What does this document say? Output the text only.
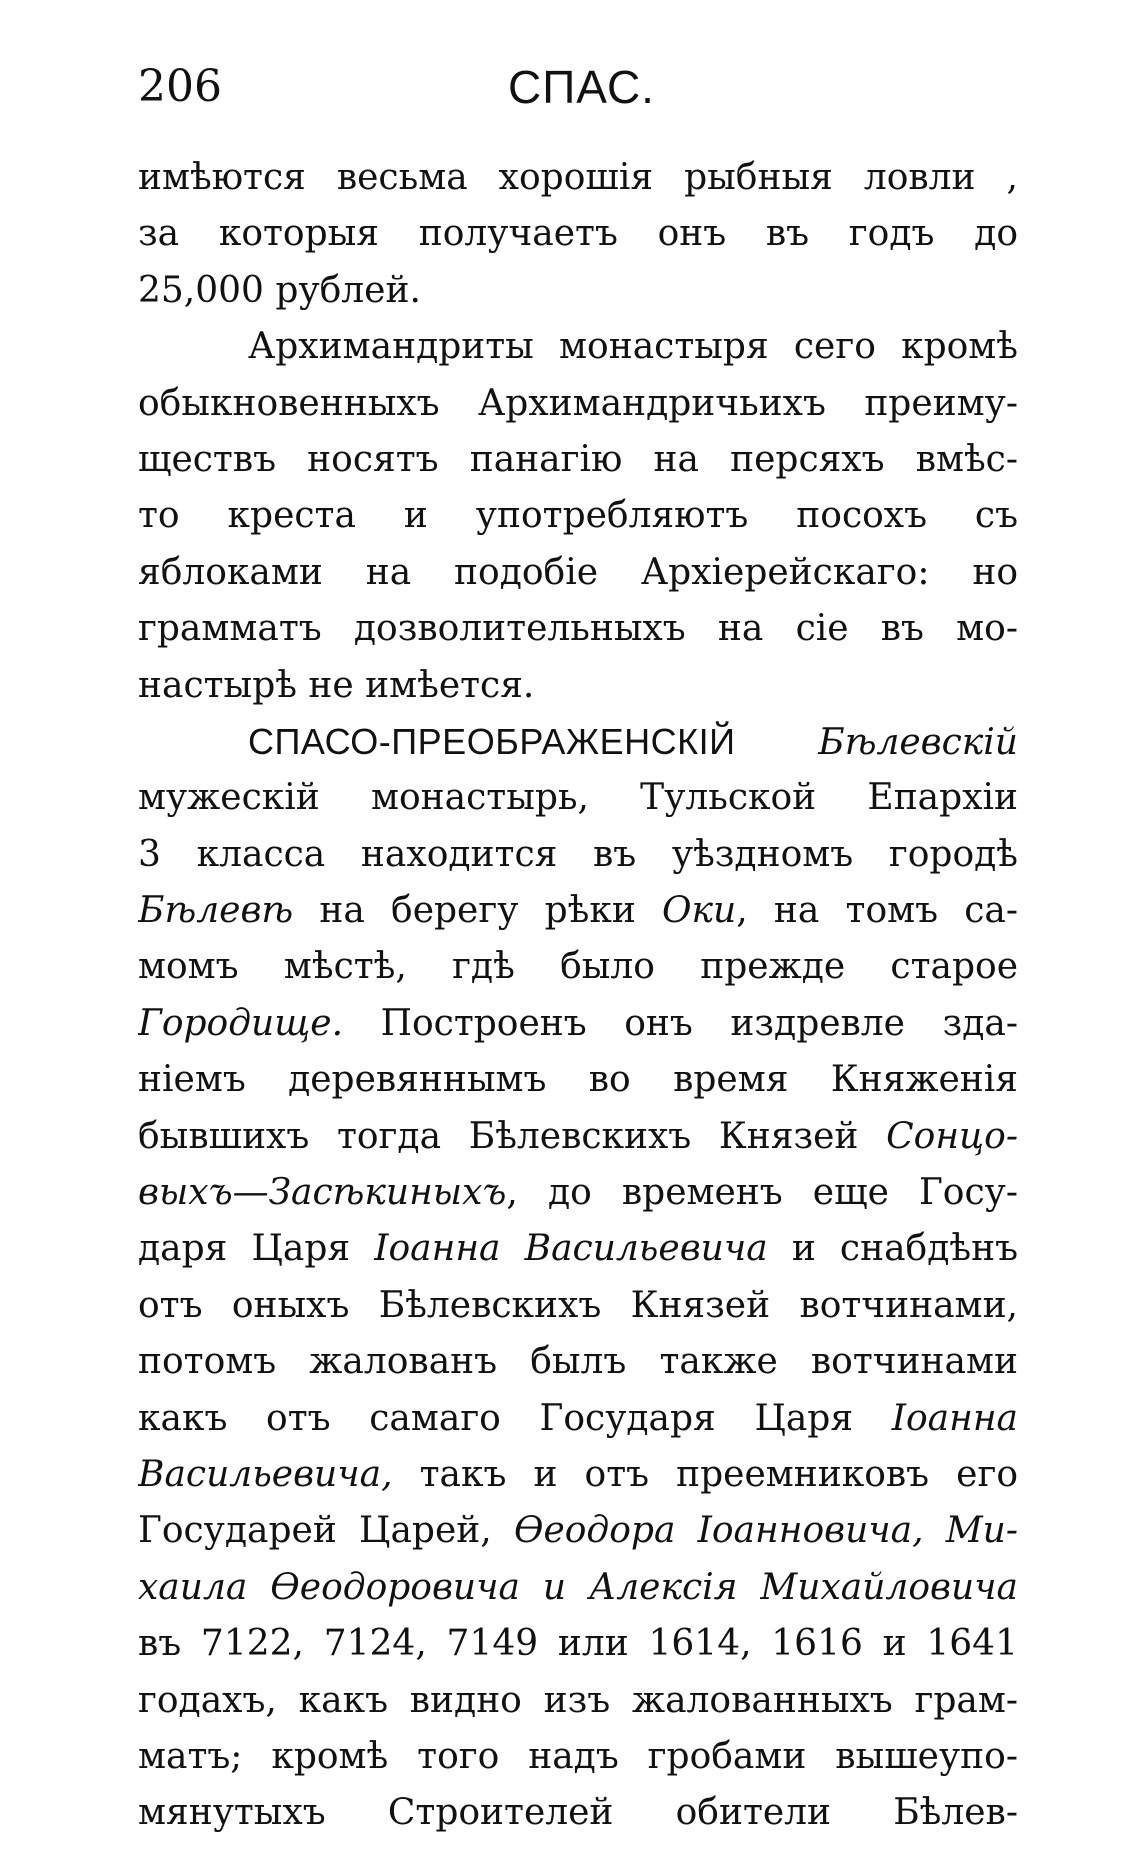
206	СПАС.
имѣются весьма хорошія рыбныя ловли ,
за которыя получаетъ онъ въ годъ до
25,000 рублей.
Архимандриты монастыря сего кромѣ
обыкновенныхъ Архимандричьихъ преиму-
ществъ носятъ панагію на персяхъ вмѣс-
то креста и употребляютъ посохъ съ
яблоками на подобіе Архіерейскаго: но
грамматъ дозволительныхъ на сіе въ мо-
настырѣ не имѣется.
СПАСО-ПРЕОБРАЖЕНСКІЙ Бѣлевскій
мужескій монастырь, Тульской Епархіи
3 класса находится въ уѣздномъ городѣ
Бѣлевѣ на берегу рѣки Оки, на томъ са-
момъ мѣстѣ, гдѣ было прежде старое
Городище. Построенъ онъ издревле зда-
ніемъ деревяннымъ во время Княженія
бывшихъ тогда Бѣлевскихъ Князей Сонцо-
выхъ—Засѣкиныхъ, до временъ еще Госу-
даря Царя Іоанна Васильевича и снабдѣнъ
отъ оныхъ Бѣлевскихъ Князей вотчинами,
потомъ жалованъ былъ также вотчинами
какъ отъ самаго Государя Царя Іоанна
Васильевича, такъ и отъ преемниковъ его
Государей Царей, Ѳеодора Іоанновича, Ми-
хаила Ѳеодоровича и Алексія Михайловича
въ 7122, 7124, 7149 или 1614, 1616 и 1641
годахъ, какъ видно изъ жалованныхъ грам-
матъ; кромѣ того надъ гробами вышеупо-
мянутыхъ Строителей обители Бѣлев-
